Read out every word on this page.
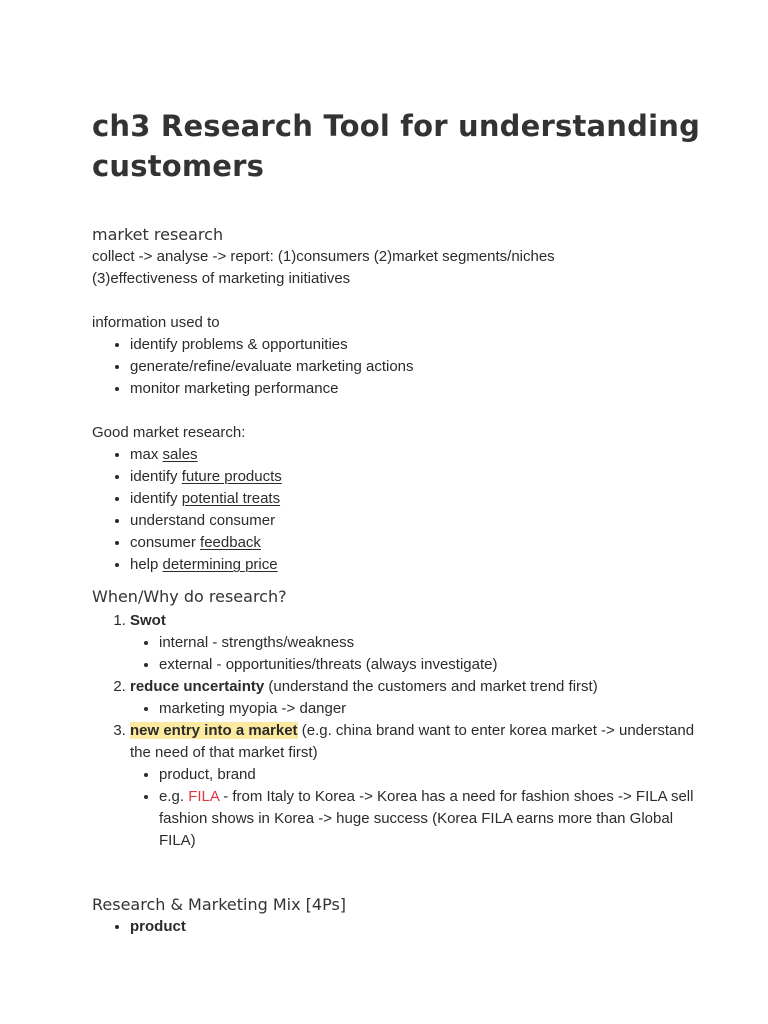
ch3 Research Tool for understanding customers
market research

collect -> analyse -> report: (1)consumers (2)market segments/niches

(3)effectiveness of marketing initiatives

information used to

• identify problems & opportunities
• generate/refine/evaluate marketing actions
• monitor marketing performance

Good market research:

• max sales
• identify future products
• identify potential treats
• understand consumer
• consumer feedback
• help determining price
When/Why do research?
1. Swot
• internal - strengths/weakness
• external - opportunities/threats (always investigate)
2. reduce uncertainty (understand the customers and market trend first)
• marketing myopia -> danger
3. new entry into a market (e.g. china brand want to enter korea market -> understand the need of that market first)
• product, brand
• e.g. FILA - from Italy to Korea -> Korea has a need for fashion shoes -> FILA sell fashion shows in Korea -> huge success (Korea FILA earns more than Global FILA)
Research & Marketing Mix [4Ps]
• product
